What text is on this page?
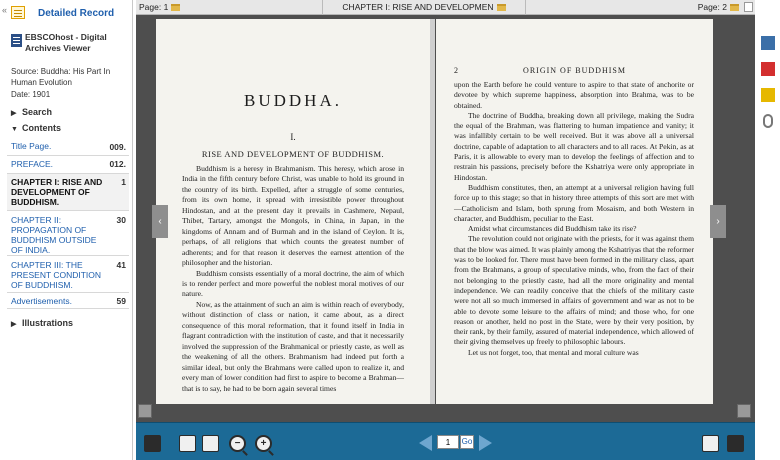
«	Detailed Record
EBSCOhost - Digital Archives Viewer
Source: Buddha: His Part In Human Evolution
Date: 1901
▶ Search
▼ Contents
Title Page.	009.
PREFACE.	012.
CHAPTER I: RISE AND DEVELOPMENT OF BUDDHISM.
1
CHAPTER II: PROPAGATION OF BUDDHISM OUTSIDE OF INDIA.
30
CHAPTER III: THE PRESENT CONDITION OF BUDDHISM.
41
Advertisements.	59
▶ Illustrations
Page: 1	CHAPTER I: RISE AND DEVELOPMEN	Page: 2
BUDDHA.
I.
RISE AND DEVELOPMENT OF BUDDHISM.

Buddhism is a heresy in Brahmanism. This heresy, which arose in India in the fifth century before Christ, was unable to hold its ground in the country of its birth. Expelled, after a struggle of some centuries, from its own home, it spread with irresistible power throughout Hindostan, and at the present day it prevails in Cashmere, Nepaul, Thibet, Tartary, amongst the Mongols, in China, in Japan, in the kingdoms of Annam and of Burmah and in the island of Ceylon. It is, perhaps, of all religions that which counts the greatest number of adherents; and for that reason it deserves the earnest attention of the philosopher and the historian.

Buddhism consists essentially of a moral doctrine, the aim of which is to render perfect and more powerful the noblest moral motives of our nature.

Now, as the attainment of such an aim is within reach of everybody, without distinction of class or nation, it came about, as a direct consequence of this moral reformation, that it found itself in India in flagrant contradiction with the institution of caste, and that it necessarily involved the suppression of the Brahmanical or priestly caste, as well as the weakening of all the others. Brahmanism had indeed put forth a similar ideal, but only the Brahmans were called upon to realize it, and every man of lower condition had first to aspire to become a Brahman—that is to say, he had to be born again several times

2	ORIGIN OF BUDDHISM

upon the Earth before he could venture to aspire to that state of anchorite or devotee by which supreme happiness, absorption into Brahma, was to be obtained.

The doctrine of Buddha, breaking down all privilege, making the Sudra the equal of the Brahman, was flattering to human impatience and vanity; it was infallibly certain to be well received. But it was above all a universal doctrine, capable of adaptation to all characters and to all races. At Pekin, as at Paris, it is allowable to every man to develop the feelings of affection and to restrain his passions, precisely before the Kshatriya were only appropriate in Hindostan.

Buddhism constitutes, then, an attempt at a universal religion having full force up to this stage; so that in history three attempts of this sort are met with—Catholicism and Islam, both sprung from Mosaism, and both Western in character, and Buddhism, peculiar to the East.

Amidst what circumstances did Buddhism take its rise?

The revolution could not originate with the priests, for it was against them that the blow was aimed. It was plainly among the Kshatriyas that the reformer was to be looked for. There must have been formed in the military class, apart from the Brahmans, a group of speculative minds, who, from the fact of their not belonging to the priestly caste, had all the more originality and mental independence. We can readily conceive that the chiefs of the military caste were not all so much immersed in affairs of government and war as not to be able to devote some leisure to the affairs of mind; and those who, for one reason or another, held no post in the State, were by their very position, by their rank, by their family, assured of material independence, which allowed of their giving themselves up freely to philosophic labours.

Let us not forget, too, that mental and moral culture was

‹	›
−	+
1	Go
